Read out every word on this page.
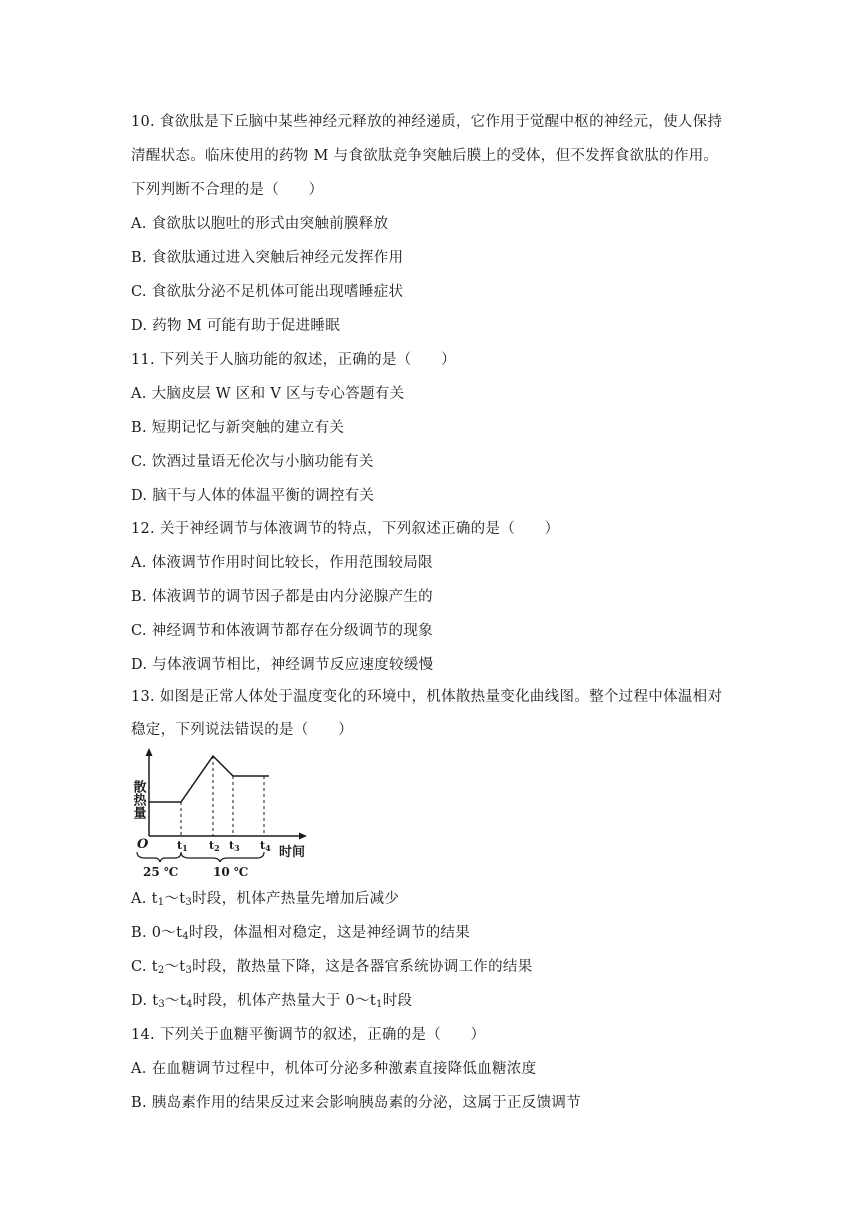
10. 食欲肽是下丘脑中某些神经元释放的神经递质，它作用于觉醒中枢的神经元，使人保持
清醒状态。临床使用的药物 M 与食欲肽竞争突触后膜上的受体，但不发挥食欲肽的作用。
下列判断不合理的是（　　）
A. 食欲肽以胞吐的形式由突触前膜释放
B. 食欲肽通过进入突触后神经元发挥作用
C. 食欲肽分泌不足机体可能出现嗜睡症状
D. 药物 M 可能有助于促进睡眠
11. 下列关于人脑功能的叙述，正确的是（　　）
A. 大脑皮层 W 区和 V 区与专心答题有关
B. 短期记忆与新突触的建立有关
C. 饮酒过量语无伦次与小脑功能有关
D. 脑干与人体的体温平衡的调控有关
12. 关于神经调节与体液调节的特点，下列叙述正确的是（　　）
A. 体液调节作用时间比较长，作用范围较局限
B. 体液调节的调节因子都是由内分泌腺产生的
C. 神经调节和体液调节都存在分级调节的现象
D. 与体液调节相比，神经调节反应速度较缓慢
13. 如图是正常人体处于温度变化的环境中，机体散热量变化曲线图。整个过程中体温相对
稳定，下列说法错误的是（　　）
散热量
O	t1 t2 t3 t4 时间
25 ℃	10 ℃
A. $t_1\sim t_3$时段，机体产热量先增加后减少
B. $0\sim t_4$时段，体温相对稳定，这是神经调节的结果
C. $t_2\sim t_3$时段，散热量下降，这是各器官系统协调工作的结果
D. $t_3\sim t_4$时段，机体产热量大于 $0\sim t_1$时段
14. 下列关于血糖平衡调节的叙述，正确的是（　　）
A. 在血糖调节过程中，机体可分泌多种激素直接降低血糖浓度
B. 胰岛素作用的结果反过来会影响胰岛素的分泌，这属于正反馈调节
